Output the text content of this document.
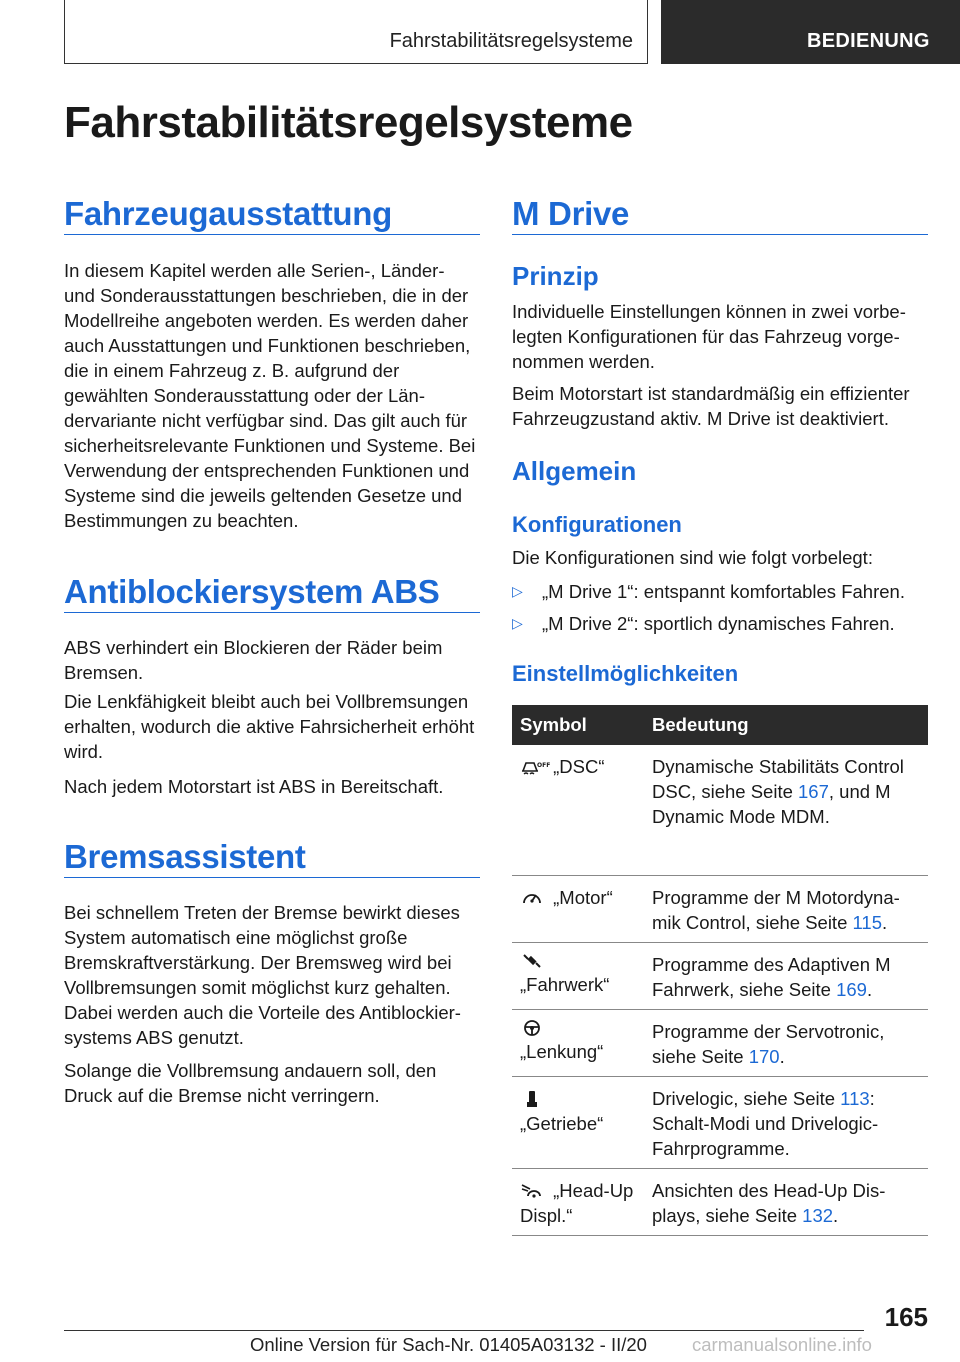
Fahrstabilitätsregelsysteme	BEDIENUNG
Fahrstabilitätsregelsysteme
Fahrzeugausstattung

In diesem Kapitel werden alle Serien-, Länder- und Sonderausstattungen beschrieben, die in der Modellreihe angeboten werden. Es werden daher auch Ausstattungen und Funktionen beschrieben, die in einem Fahrzeug z. B. aufgrund der gewählten Sonderausstattung oder der Ländervariante nicht verfügbar sind. Das gilt auch für sicherheitsrelevante Funktionen und Systeme. Bei Verwendung der entsprechenden Funktionen und Systeme sind die jeweils geltenden Gesetze und Bestimmungen zu beachten.

Antiblockiersystem ABS

ABS verhindert ein Blockieren der Räder beim Bremsen.

Die Lenkfähigkeit bleibt auch bei Vollbremsungen erhalten, wodurch die aktive Fahrsicherheit erhöht wird.

Nach jedem Motorstart ist ABS in Bereitschaft.

Bremsassistent

Bei schnellem Treten der Bremse bewirkt dieses System automatisch eine möglichst große Bremskraftverstärkung. Der Bremsweg wird bei Vollbremsungen somit möglichst kurz gehalten. Dabei werden auch die Vorteile des Antiblockiersystems ABS genutzt.

Solange die Vollbremsung andauern soll, den Druck auf die Bremse nicht verringern.

M Drive
Prinzip

Individuelle Einstellungen können in zwei vorbelegten Konfigurationen für das Fahrzeug vorgenommen werden.

Beim Motorstart ist standardmäßig ein effizienter Fahrzeugzustand aktiv. M Drive ist deaktiviert.

Allgemein
Konfigurationen

Die Konfigurationen sind wie folgt vorbelegt:

▷ „M Drive 1“: entspannt komfortables Fahren.
▷ „M Drive 2“: sportlich dynamisches Fahren.
Einstellmöglichkeiten
Symbol	Bedeutung

OFF „DSC“	Dynamische Stabilitäts Control DSC, siehe Seite 167, und M Dynamic Mode MDM.
„Motor“	Programme der M Motordynamik Control, siehe Seite 115.

„Fahrwerk“	Programme des Adaptiven M Fahrwerk, siehe Seite 169.

„Lenkung“	Programme der Servotronic, siehe Seite 170.
„Getriebe“	Drivelogic, siehe Seite 113: Schalt-Modi und Drivelogic-Fahrprogramme.
„Head-Up Displ.“	Ansichten des Head-Up Displays, siehe Seite 132.
165
Online Version für Sach-Nr. 01405A03132 - II/20 carmanualsonline.info
